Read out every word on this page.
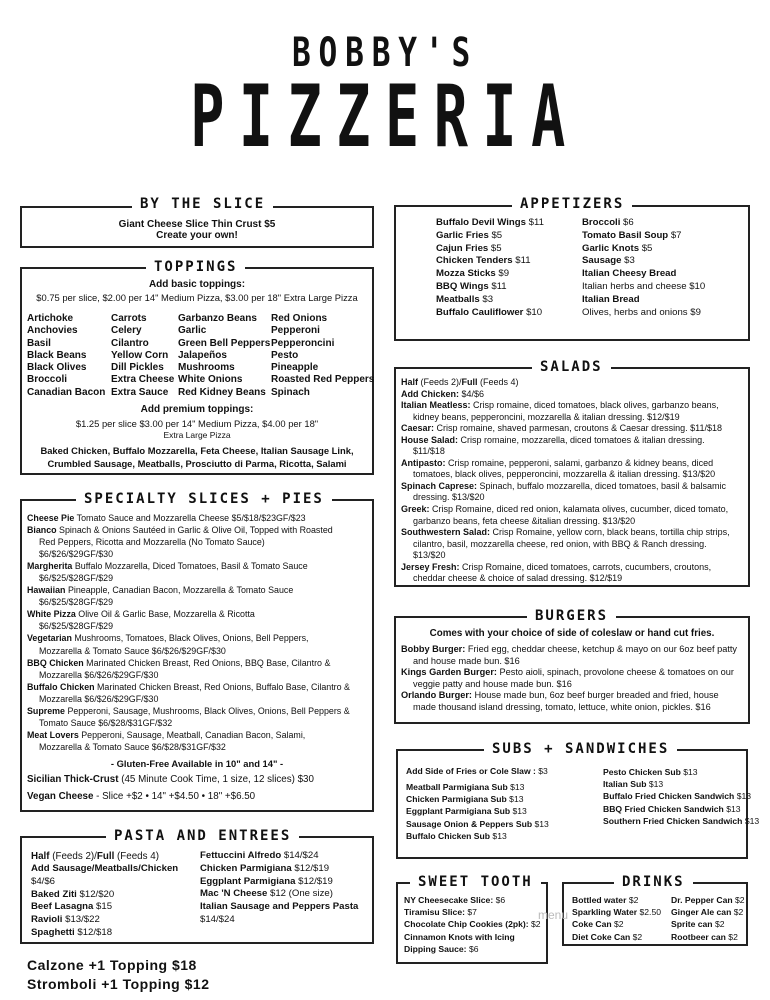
BOBBY'S
PIZZERIA
BY THE SLICE
Giant Cheese Slice Thin Crust $5
Create your own!
TOPPINGS
Add basic toppings:
$0.75 per slice, $2.00 per 14" Medium Pizza, $3.00 per 18" Extra Large Pizza
Artichoke
Anchovies
Basil
Black Beans
Black Olives
Broccoli
Canadian Bacon
Carrots
Celery
Cilantro
Yellow Corn
Dill Pickles
Extra Cheese
Extra Sauce
Garbanzo Beans
Garlic
Green Bell Peppers
Jalapeños
Mushrooms
White Onions
Red Kidney Beans
Red Onions
Pepperoni
Pepperoncini
Pesto
Pineapple
Roasted Red Peppers
Spinach
Add premium toppings:
$1.25 per slice $3.00 per 14" Medium Pizza, $4.00 per 18"
Extra Large Pizza
Baked Chicken, Buffalo Mozzarella, Feta Cheese, Italian Sausage Link,
Crumbled Sausage, Meatballs, Prosciutto di Parma, Ricotta, Salami
SPECIALTY SLICES + PIES
Cheese Pie Tomato Sauce and Mozzarella Cheese $5/$18/$23GF/$23
Bianco Spinach & Onions Sautéed in Garlic & Olive Oil, Topped with Roasted
Red Peppers, Ricotta and Mozzarella (No Tomato Sauce)
$6/$26/$29GF/$30
Margherita Buffalo Mozzarella, Diced Tomatoes, Basil & Tomato Sauce
$6/$25/$28GF/$29
Hawaiian Pineapple, Canadian Bacon, Mozzarella & Tomato Sauce
$6/$25/$28GF/$29
White Pizza Olive Oil & Garlic Base, Mozzarella & Ricotta
$6/$25/$28GF/$29
Vegetarian Mushrooms, Tomatoes, Black Olives, Onions, Bell Peppers,
Mozzarella & Tomato Sauce $6/$26/$29GF/$30
BBQ Chicken Marinated Chicken Breast, Red Onions, BBQ Base, Cilantro &
Mozzarella $6/$26/$29GF/$30
Buffalo Chicken Marinated Chicken Breast, Red Onions, Buffalo Base, Cilantro &
Mozzarella $6/$26/$29GF/$30
Supreme Pepperoni, Sausage, Mushrooms, Black Olives, Onions, Bell Peppers &
Tomato Sauce $6/$28/$31GF/$32
Meat Lovers Pepperoni, Sausage, Meatball, Canadian Bacon, Salami,
Mozzarella & Tomato Sauce $6/$28/$31GF/$32
- Gluten-Free Available in 10" and 14" -
Sicilian Thick-Crust (45 Minute Cook Time, 1 size, 12 slices) $30
Vegan Cheese - Slice +$2 • 14" +$4.50 • 18" +$6.50
PASTA AND ENTREES
Half (Feeds 2)/Full (Feeds 4)
Add Sausage/Meatballs/Chicken
$4/$6
Baked Ziti $12/$20
Beef Lasagna $15
Ravioli $13/$22
Spaghetti $12/$18
Fettuccini Alfredo $14/$24
Chicken Parmigiana $12/$19
Eggplant Parmigiana $12/$19
Mac 'N Cheese $12 (One size)
Italian Sausage and Peppers Pasta
$14/$24
Calzone +1 Topping $18
Stromboli +1 Topping $12
APPETIZERS
Buffalo Devil Wings $11
Garlic Fries $5
Cajun Fries $5
Chicken Tenders $11
Mozza Sticks $9
BBQ Wings $11
Meatballs $3
Buffalo Cauliflower $10
Broccoli $6
Tomato Basil Soup $7
Garlic Knots $5
Sausage $3
Italian Cheesy Bread
Italian herbs and cheese $10
Italian Bread
Olives, herbs and onions $9
SALADS
Half (Feeds 2)/Full (Feeds 4)
Add Chicken: $4/$6
Italian Meatless: Crisp romaine, diced tomatoes, black olives, garbanzo beans,
kidney beans, pepperoncini, mozzarella & italian dressing. $12/$19
Caesar: Crisp romaine, shaved parmesan, croutons & Caesar dressing. $11/$18
House Salad: Crisp romaine, mozzarella, diced tomatoes & italian dressing.
$11/$18
Antipasto: Crisp romaine, pepperoni, salami, garbanzo & kidney beans, diced
tomatoes, black olives, pepperoncini, mozzarella & italian dressing. $13/$20
Spinach Caprese: Spinach, buffalo mozzarella, diced tomatoes, basil & balsamic
dressing. $13/$20
Greek: Crisp Romaine, diced red onion, kalamata olives, cucumber, diced tomato,
garbanzo beans, feta cheese &italian dressing. $13/$20
Southwestern Salad: Crisp Romaine, yellow corn, black beans, tortilla chip strips,
cilantro, basil, mozzarella cheese, red onion, with BBQ & Ranch dressing.
$13/$20
Jersey Fresh: Crisp Romaine, diced tomatoes, carrots, cucumbers, croutons,
cheddar cheese & choice of salad dressing. $12/$19
BURGERS
Comes with your choice of side of coleslaw or hand cut fries.
Bobby Burger: Fried egg, cheddar cheese, ketchup & mayo on our 6oz beef patty
and house made bun. $16
Kings Garden Burger: Pesto aioli, spinach, provolone cheese & tomatoes on our
veggie patty and house made bun. $16
Orlando Burger: House made bun, 6oz beef burger breaded and fried, house
made thousand island dressing, tomato, lettuce, white onion, pickles. $16
SUBS + SANDWICHES
Add Side of Fries or Cole Slaw : $3
Meatball Parmigiana Sub $13
Chicken Parmigiana Sub $13
Eggplant Parmigiana Sub $13
Sausage Onion & Peppers Sub $13
Buffalo Chicken Sub $13
Pesto Chicken Sub $13
Italian Sub $13
Buffalo Fried Chicken Sandwich $13
BBQ Fried Chicken Sandwich $13
Southern Fried Chicken Sandwich $13
SWEET TOOTH
NY Cheesecake Slice: $6
Tiramisu Slice: $7
Chocolate Chip Cookies (2pk): $2
Cinnamon Knots with Icing
Dipping Sauce: $6
DRINKS
Bottled water $2
Sparkling Water $2.50
Coke Can $2
Diet Coke Can $2
Dr. Pepper Can $2
Ginger Ale can $2
Sprite can $2
Rootbeer can $2
menu
